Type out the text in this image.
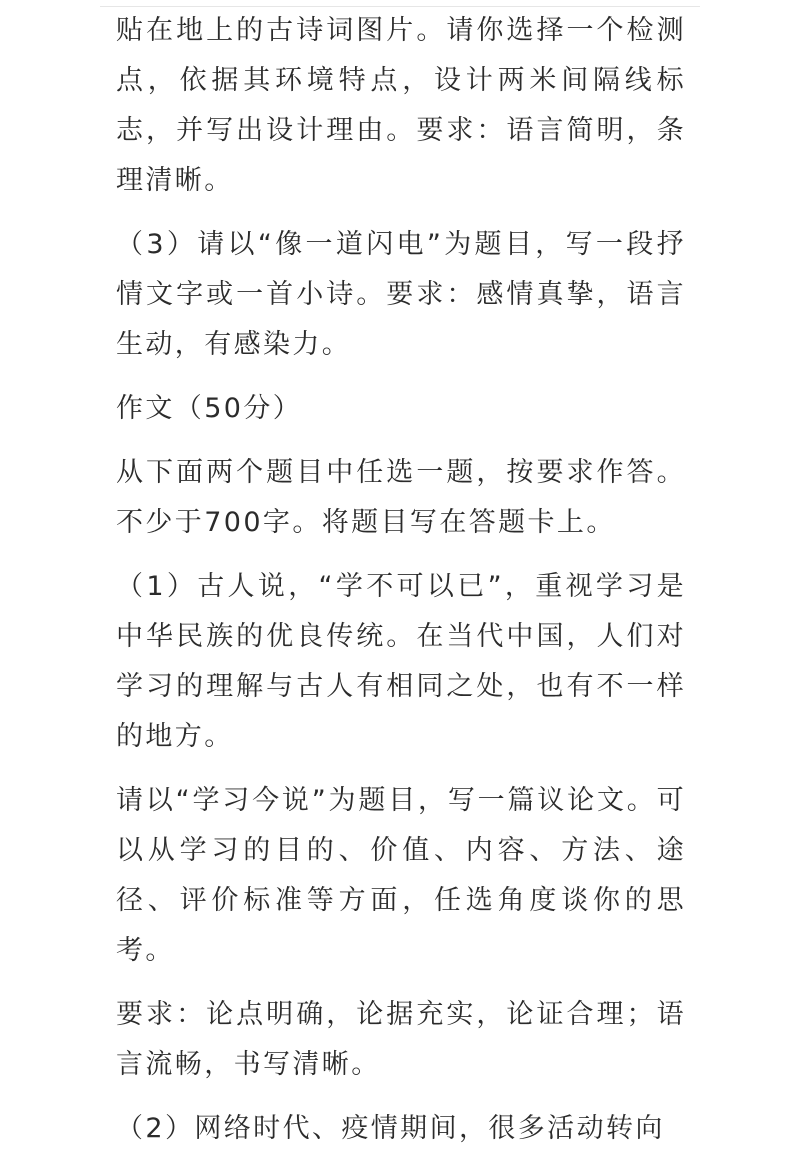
贴在地上的古诗词图片。请你选择一个检测点，依据其环境特点，设计两米间隔线标志，并写出设计理由。要求：语言简明，条理清晰。

（3）请以“像一道闪电”为题目，写一段抒情文字或一首小诗。要求：感情真挚，语言生动，有感染力。

作文（50分）

从下面两个题目中任选一题，按要求作答。不少于700字。将题目写在答题卡上。

（1）古人说，“学不可以已”，重视学习是中华民族的优良传统。在当代中国，人们对学习的理解与古人有相同之处，也有不一样的地方。

请以“学习今说”为题目，写一篇议论文。可以从学习的目的、价值、内容、方法、途径、评价标准等方面，任选角度谈你的思考。

要求：论点明确，论据充实，论证合理；语言流畅，书写清晰。

（2）网络时代、疫情期间，很多活动转向
